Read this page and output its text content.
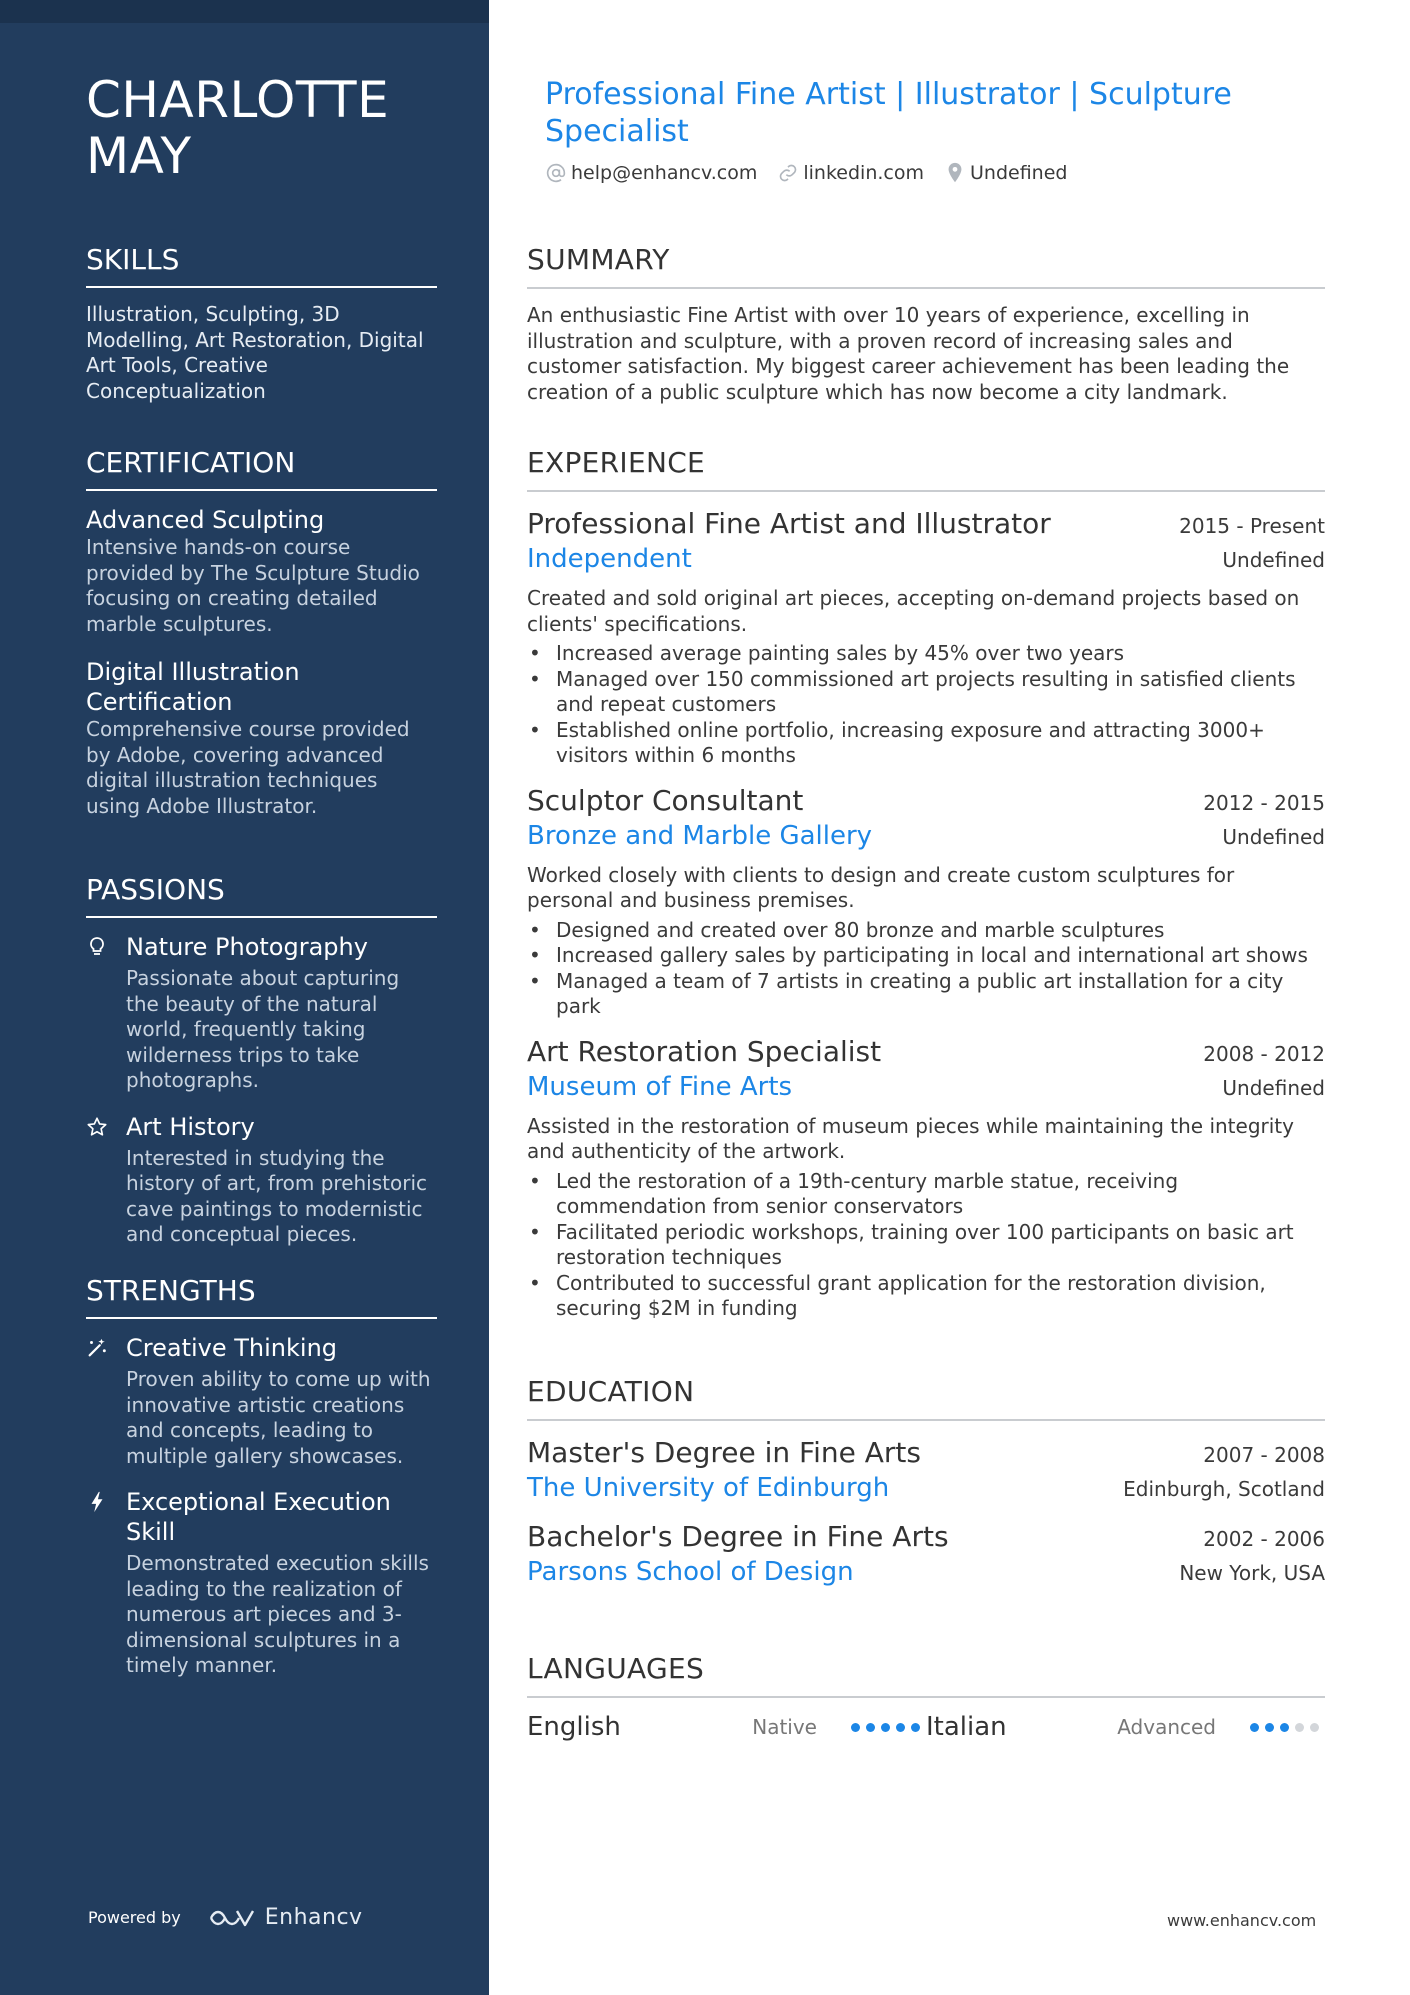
CHARLOTTE
MAY
SKILLS
Illustration, Sculpting, 3D Modelling, Art Restoration, Digital Art Tools, Creative Conceptualization
CERTIFICATION
Advanced Sculpting
Intensive hands-on course provided by The Sculpture Studio focusing on creating detailed marble sculptures.
Digital Illustration Certification
Comprehensive course provided by Adobe, covering advanced digital illustration techniques using Adobe Illustrator.
PASSIONS
Nature Photography
Passionate about capturing the beauty of the natural world, frequently taking wilderness trips to take photographs.
Art History
Interested in studying the history of art, from prehistoric cave paintings to modernistic and conceptual pieces.
STRENGTHS
Creative Thinking
Proven ability to come up with innovative artistic creations and concepts, leading to multiple gallery showcases.
Exceptional Execution Skill
Demonstrated execution skills leading to the realization of numerous art pieces and 3-dimensional sculptures in a timely manner.
Powered by	Enhancv
Professional Fine Artist | Illustrator | Sculpture Specialist
help@enhancv.com linkedin.com Undefined
SUMMARY
An enthusiastic Fine Artist with over 10 years of experience, excelling in illustration and sculpture, with a proven record of increasing sales and customer satisfaction. My biggest career achievement has been leading the creation of a public sculpture which has now become a city landmark.
EXPERIENCE
Professional Fine Artist and Illustrator	2015 - Present
Independent	Undefined
Created and sold original art pieces, accepting on-demand projects based on clients' specifications.
• Increased average painting sales by 45% over two years
• Managed over 150 commissioned art projects resulting in satisfied clients and repeat customers
• Established online portfolio, increasing exposure and attracting 3000+ visitors within 6 months
Sculptor Consultant	2012 - 2015
Bronze and Marble Gallery	Undefined
Worked closely with clients to design and create custom sculptures for personal and business premises.
• Designed and created over 80 bronze and marble sculptures
• Increased gallery sales by participating in local and international art shows
• Managed a team of 7 artists in creating a public art installation for a city park
Art Restoration Specialist	2008 - 2012
Museum of Fine Arts	Undefined
Assisted in the restoration of museum pieces while maintaining the integrity and authenticity of the artwork.
• Led the restoration of a 19th-century marble statue, receiving commendation from senior conservators
• Facilitated periodic workshops, training over 100 participants on basic art restoration techniques
• Contributed to successful grant application for the restoration division, securing $2M in funding
EDUCATION
Master's Degree in Fine Arts	2007 - 2008
The University of Edinburgh	Edinburgh, Scotland
Bachelor's Degree in Fine Arts	2002 - 2006
Parsons School of Design	New York, USA
LANGUAGES
English	Native	Italian	Advanced
www.enhancv.com
